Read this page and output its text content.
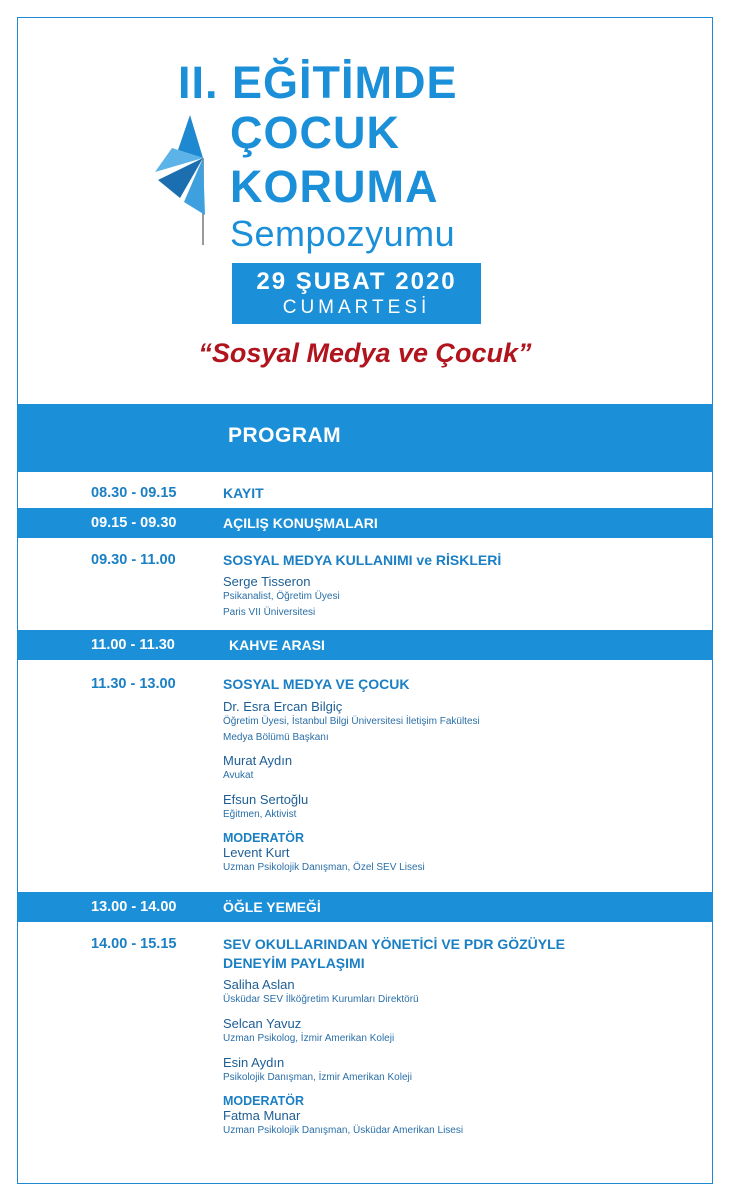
II. EĞİTİMDE
ÇOCUK
KORUMA
Sempozyumu
29 ŞUBAT 2020
CUMARTESİ
“Sosyal Medya ve Çocuk”
PROGRAM
08.30 - 09.15	KAYIT
09.15 - 09.30	AÇILIŞ KONUŞMALARI
09.30 - 11.00	SOSYAL MEDYA KULLANIMI ve RİSKLERİ
Serge Tisseron
Psikanalist, Öğretim Üyesi
Paris VII Üniversitesi
11.00 - 11.30	KAHVE ARASI
11.30 - 13.00	SOSYAL MEDYA VE ÇOCUK
Dr. Esra Ercan Bilgiç
Öğretim Üyesi, İstanbul Bilgi Üniversitesi İletişim Fakültesi
Medya Bölümü Başkanı
Murat Aydın
Avukat
Efsun Sertoğlu
Eğitmen, Aktivist
MODERATÖR
Levent Kurt
Uzman Psikolojik Danışman, Özel SEV Lisesi
13.00 - 14.00	ÖĞLE YEMEĞİ
14.00 - 15.15	SEV OKULLARINDAN YÖNETİCİ VE PDR GÖZÜYLE
DENEYİM PAYLAŞIMI
Saliha Aslan
Üsküdar SEV İlköğretim Kurumları Direktörü
Selcan Yavuz
Uzman Psikolog, İzmir Amerikan Koleji
Esin Aydın
Psikolojik Danışman, İzmir Amerikan Koleji
MODERATÖR
Fatma Munar
Uzman Psikolojik Danışman, Üsküdar Amerikan Lisesi
